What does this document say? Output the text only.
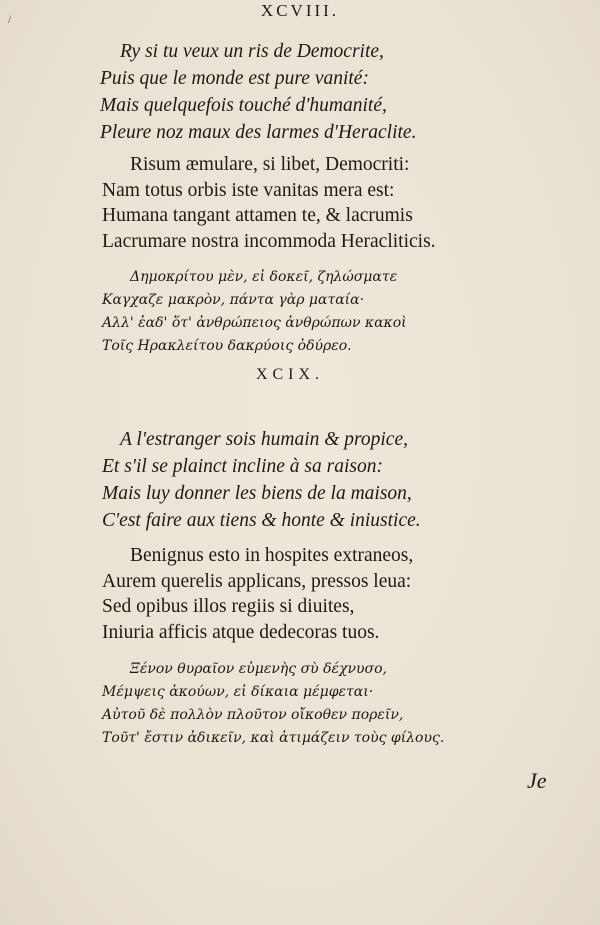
/	XCVIII.
Ry si tu veux un ris de Democrite,
Puis que le monde est pure vanité:
Mais quelquefois touché d'humanité,
Pleure noz maux des larmes d'Heraclite.
Risum æmulare, si libet, Democriti:
Nam totus orbis iste vanitas mera est:
Humana tangant attamen te, & lacrumis
Lacrumare nostra incommoda Heracliticis.
Δημοκρίτου μὲν, εἰ δοκεῖ, ζηλώσματε
Καγχαζε μακρὸν, πάντα γὰρ ματαία·
Αλλ' ἐαδ' ὅτ' ἀνθρώπειος ἀνθρώπων κακοὶ
Τοῖς Ηρακλείτου δακρύοις ὀδύρεο.
XCIX.
A l'estranger sois humain & propice,
Et s'il se plainct incline à sa raison:
Mais luy donner les biens de la maison,
C'est faire aux tiens & honte & iniustice.
Benignus esto in hospites extraneos,
Aurem querelis applicans, pressos leua:
Sed opibus illos regiis si diuites,
Iniuria afficis atque dedecoras tuos.
Ξένον θυραῖον εὐμενὴς σὺ δέχνυσο,
Μέμψεις ἀκούων, εἰ δίκαια μέμφεται·
Αὐτοῦ δὲ πολλὸν πλοῦτον οἴκοθεν πορεῖν,
Τοῦτ' ἔστιν ἀδικεῖν, καὶ ἀτιμάζειν τοὺς φίλους.
Je
